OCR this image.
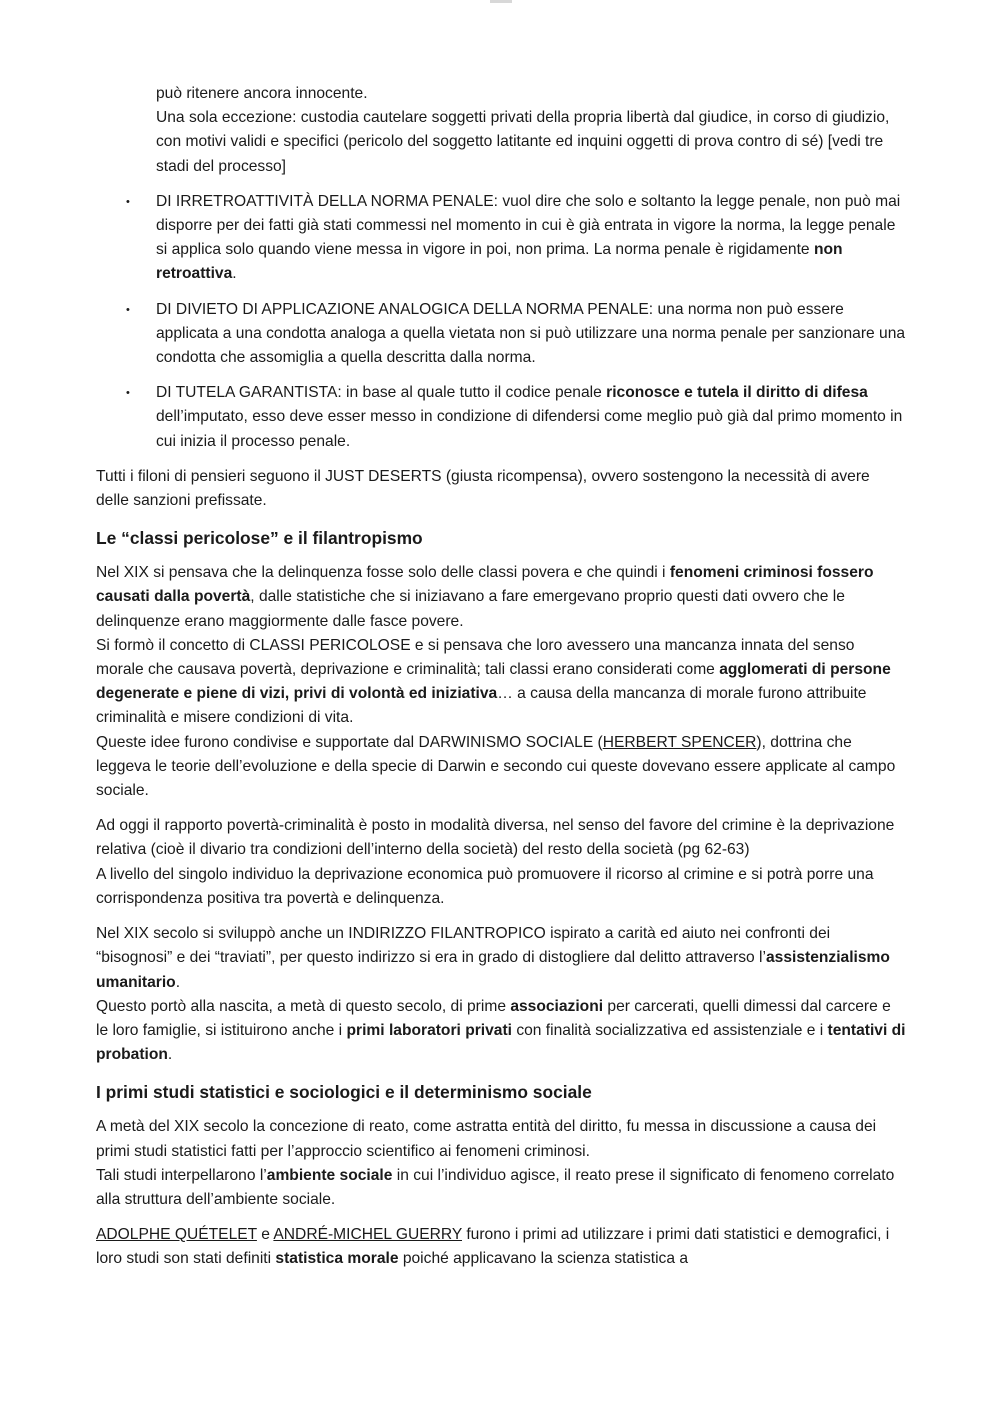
può ritenere ancora innocente.

Una sola eccezione: custodia cautelare soggetti privati della propria libertà dal giudice, in corso di giudizio, con motivi validi e specifici (pericolo del soggetto latitante ed inquini oggetti di prova contro di sé) [vedi tre stadi del processo]

• DI IRRETROATTIVITÀ DELLA NORMA PENALE: vuol dire che solo e soltanto la legge penale, non può mai disporre per dei fatti già stati commessi nel momento in cui è già entrata in vigore la norma, la legge penale si applica solo quando viene messa in vigore in poi, non prima. La norma penale è rigidamente non retroattiva.
• DI DIVIETO DI APPLICAZIONE ANALOGICA DELLA NORMA PENALE: una norma non può essere applicata a una condotta analoga a quella vietata non si può utilizzare una norma penale per sanzionare una condotta che assomiglia a quella descritta dalla norma.
• DI TUTELA GARANTISTA: in base al quale tutto il codice penale riconosce e tutela il diritto di difesa dell’imputato, esso deve esser messo in condizione di difendersi come meglio può già dal primo momento in cui inizia il processo penale.

Tutti i filoni di pensieri seguono il JUST DESERTS (giusta ricompensa), ovvero sostengono la necessità di avere delle sanzioni prefissate.

Le “classi pericolose” e il filantropismo

Nel XIX si pensava che la delinquenza fosse solo delle classi povera e che quindi i fenomeni criminosi fossero causati dalla povertà, dalle statistiche che si iniziavano a fare emergevano proprio questi dati ovvero che le delinquenze erano maggiormente dalle fasce povere.
Si formò il concetto di CLASSI PERICOLOSE e si pensava che loro avessero una mancanza innata del senso morale che causava povertà, deprivazione e criminalità; tali classi erano considerati come agglomerati di persone degenerate e piene di vizi, privi di volontà ed iniziativa… a causa della mancanza di morale furono attribuite criminalità e misere condizioni di vita.
Queste idee furono condivise e supportate dal DARWINISMO SOCIALE (HERBERT SPENCER), dottrina che leggeva le teorie dell’evoluzione e della specie di Darwin e secondo cui queste dovevano essere applicate al campo sociale.

Ad oggi il rapporto povertà-criminalità è posto in modalità diversa, nel senso del favore del crimine è la deprivazione relativa (cioè il divario tra condizioni dell’interno della società) del resto della società (pg 62-63)
A livello del singolo individuo la deprivazione economica può promuovere il ricorso al crimine e si potrà porre una corrispondenza positiva tra povertà e delinquenza.

Nel XIX secolo si sviluppò anche un INDIRIZZO FILANTROPICO ispirato a carità ed aiuto nei confronti dei “bisognosi” e dei “traviati”, per questo indirizzo si era in grado di distogliere dal delitto attraverso l’assistenzialismo umanitario.
Questo portò alla nascita, a metà di questo secolo, di prime associazioni per carcerati, quelli dimessi dal carcere e le loro famiglie, si istituirono anche i primi laboratori privati con finalità socializzativa ed assistenziale e i tentativi di probation.

I primi studi statistici e sociologici e il determinismo sociale

A metà del XIX secolo la concezione di reato, come astratta entità del diritto, fu messa in discussione a causa dei primi studi statistici fatti per l’approccio scientifico ai fenomeni criminosi.
Tali studi interpellarono l’ambiente sociale in cui l’individuo agisce, il reato prese il significato di fenomeno correlato alla struttura dell’ambiente sociale.

ADOLPHE QUÉTELET e ANDRÉ-MICHEL GUERRY furono i primi ad utilizzare i primi dati statistici e demografici, i loro studi son stati definiti statistica morale poiché applicavano la scienza statistica a
